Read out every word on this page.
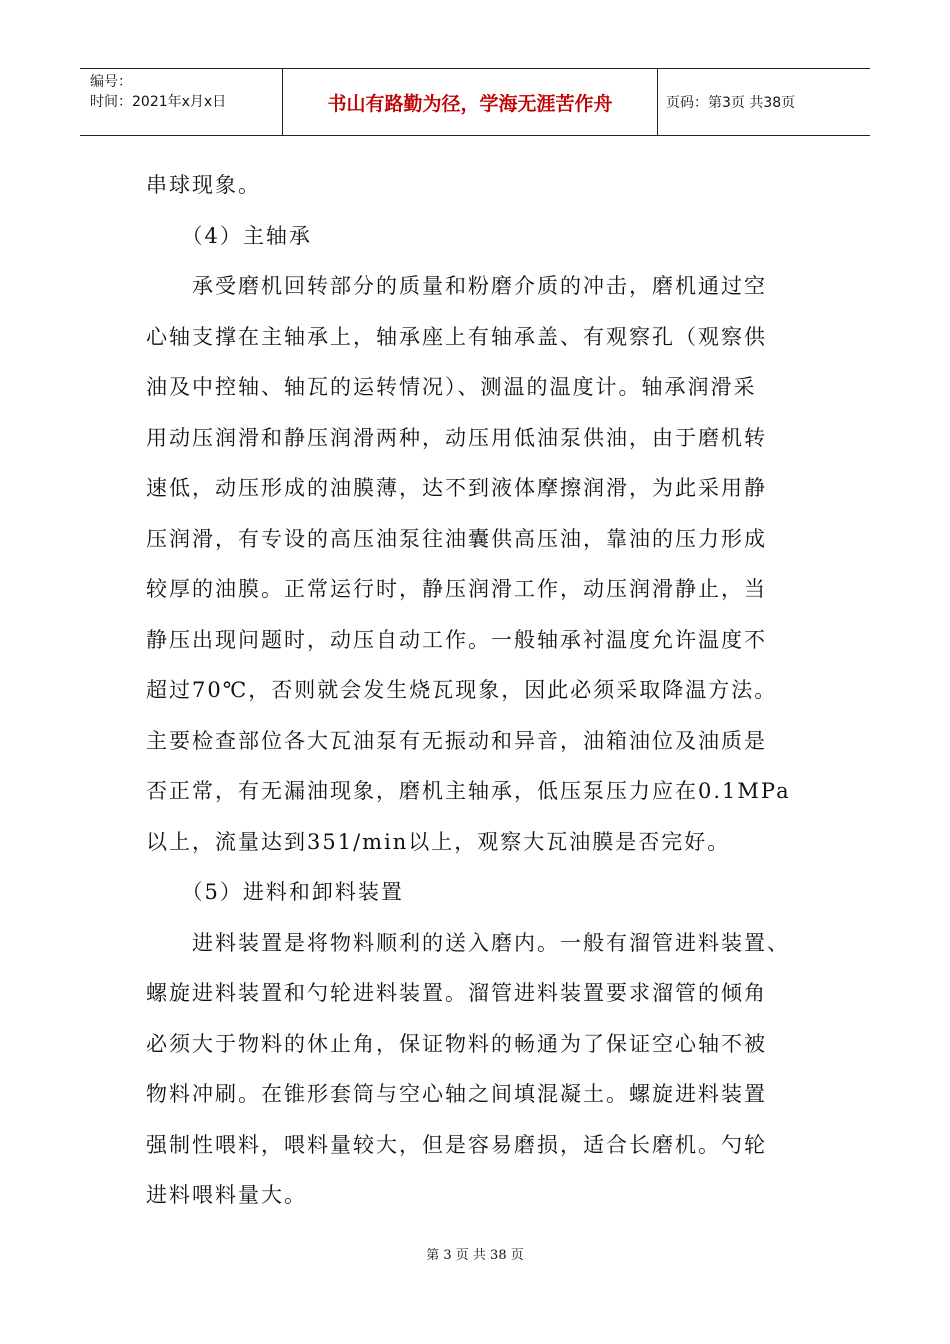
编号：
时间：2021年x月x日	书山有路勤为径，学海无涯苦作舟	页码：第3页 共38页

串球现象。

　　（4）主轴承

　　承受磨机回转部分的质量和粉磨介质的冲击，磨机通过空

心轴支撑在主轴承上，轴承座上有轴承盖、有观察孔（观察供

油及中控轴、轴瓦的运转情况）、测温的温度计。轴承润滑采

用动压润滑和静压润滑两种，动压用低油泵供油，由于磨机转

速低，动压形成的油膜薄，达不到液体摩擦润滑，为此采用静

压润滑，有专设的高压油泵往油囊供高压油，靠油的压力形成

较厚的油膜。正常运行时，静压润滑工作，动压润滑静止，当

静压出现问题时，动压自动工作。一般轴承衬温度允许温度不

超过70℃，否则就会发生烧瓦现象，因此必须采取降温方法。

主要检查部位各大瓦油泵有无振动和异音，油箱油位及油质是

否正常，有无漏油现象，磨机主轴承，低压泵压力应在0.1MPa

以上，流量达到351/min以上，观察大瓦油膜是否完好。

　　（5）进料和卸料装置

　　进料装置是将物料顺利的送入磨内。一般有溜管进料装置、

螺旋进料装置和勺轮进料装置。溜管进料装置要求溜管的倾角

必须大于物料的休止角，保证物料的畅通为了保证空心轴不被

物料冲刷。在锥形套筒与空心轴之间填混凝土。螺旋进料装置

强制性喂料，喂料量较大，但是容易磨损，适合长磨机。勺轮

进料喂料量大。

第 3 页 共 38 页
